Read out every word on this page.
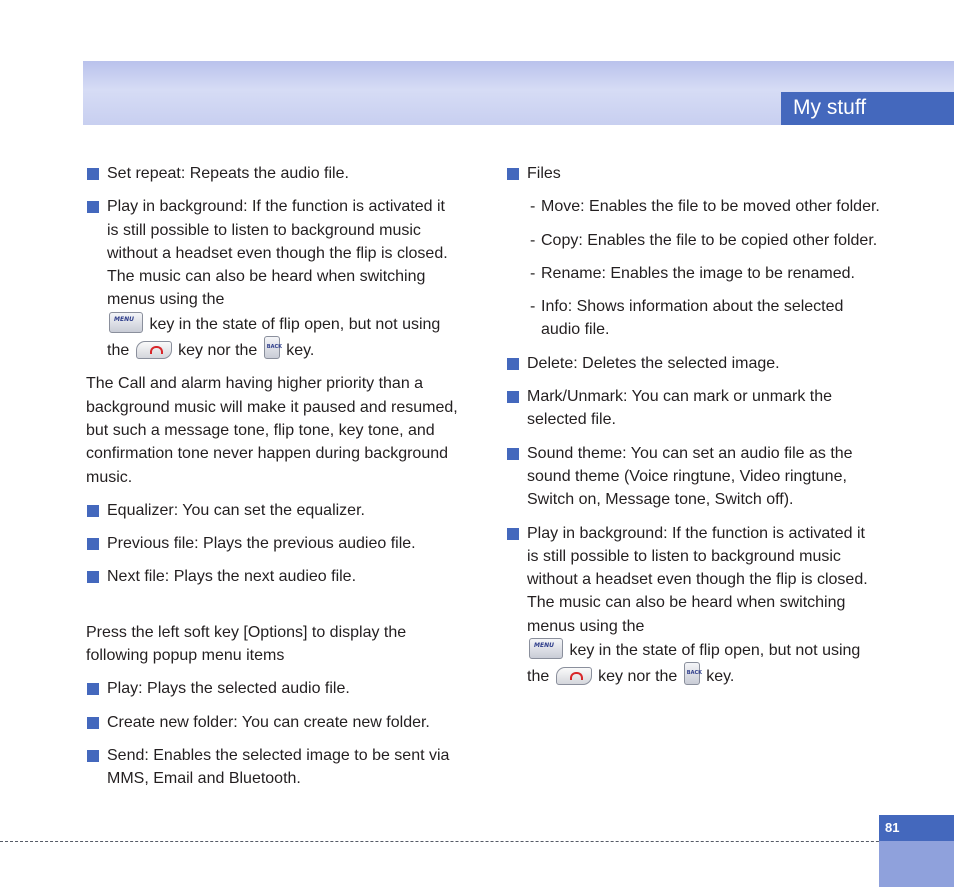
My stuff
Set repeat: Repeats the audio file.
Play in background: If the function is activated it is still possible to listen to background music without a headset even though the flip is closed. The music can also be heard when switching menus using the

MENU key in the state of flip open, but not using the	key nor the BACK key.
The Call and alarm having higher priority than a background music will make it paused and resumed, but such a message tone, flip tone, key tone, and confirmation tone never happen during background music.
Equalizer: You can set the equalizer.
Previous file: Plays the previous audieo file.
Next file: Plays the next audieo file.
Press the left soft key [Options] to display the following popup menu items
Play: Plays the selected audio file.
Create new folder: You can create new folder.
Send: Enables the selected image to be sent via MMS, Email and Bluetooth.
Files
- Move: Enables the file to be moved other folder.
- Copy: Enables the file to be copied other folder.
- Rename: Enables the image to be renamed.
- Info: Shows information about the selected audio file.
Delete: Deletes the selected image.
Mark/Unmark: You can mark or unmark the selected file.
Sound theme: You can set an audio file as the sound theme (Voice ringtune, Video ringtune, Switch on, Message tone, Switch off).
Play in background: If the function is activated it is still possible to listen to background music without a headset even though the flip is closed. The music can also be heard when switching menus using the

MENU key in the state of flip open, but not using the	key nor the BACK key.
81
